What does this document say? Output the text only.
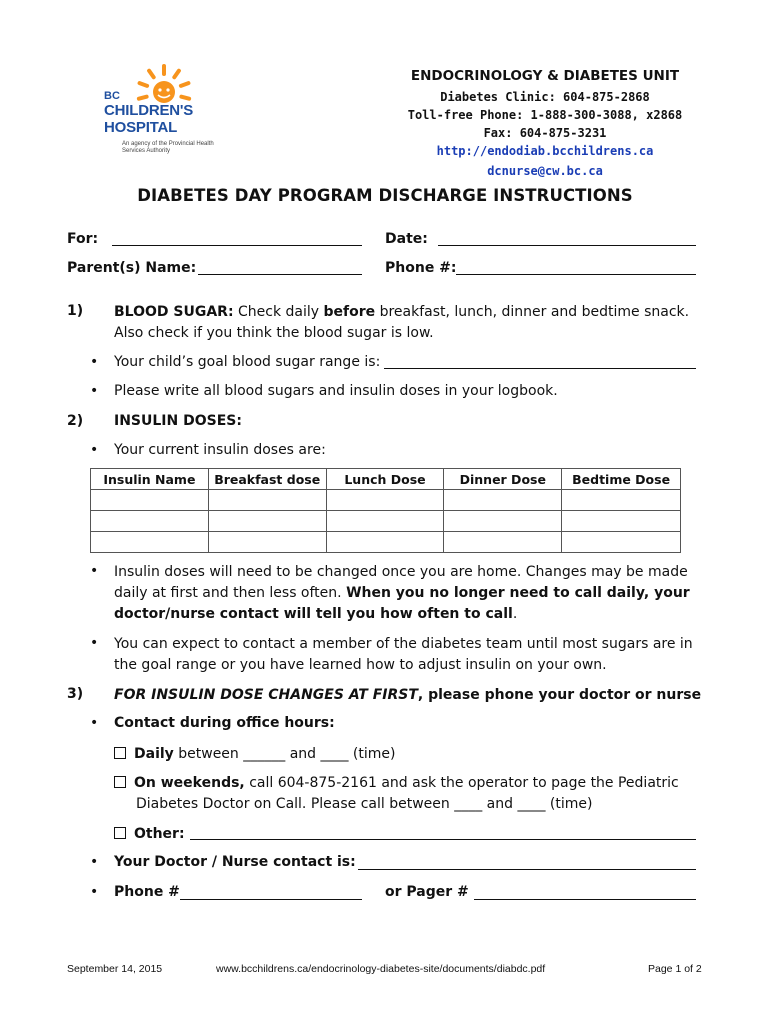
BC
CHILDREN'S
HOSPITAL
An agency of the Provincial Health Services Authority
ENDOCRINOLOGY & DIABETES UNIT
Diabetes Clinic: 604-875-2868
Toll-free Phone: 1-888-300-3088, x2868
Fax: 604-875-3231
http://endodiab.bcchildrens.ca
dcnurse@cw.bc.ca
DIABETES DAY PROGRAM DISCHARGE INSTRUCTIONS
For:	Date:
Parent(s) Name:	Phone #:
1) BLOOD SUGAR: Check daily before breakfast, lunch, dinner and bedtime snack.
Also check if you think the blood sugar is low.
• Your child’s goal blood sugar range is:
• Please write all blood sugars and insulin doses in your logbook.
2) INSULIN DOSES:
• Your current insulin doses are:
Insulin Name	Breakfast dose	Lunch Dose	Dinner Dose	Bedtime Dose

• Insulin doses will need to be changed once you are home. Changes may be made
daily at first and then less often. When you no longer need to call daily, your
doctor/nurse contact will tell you how often to call.
• You can expect to contact a member of the diabetes team until most sugars are in
the goal range or you have learned how to adjust insulin on your own.
3) FOR INSULIN DOSE CHANGES AT FIRST, please phone your doctor or nurse
• Contact during office hours:
Daily between ______ and ____ (time)
On weekends, call 604-875-2161 and ask the operator to page the Pediatric
Diabetes Doctor on Call. Please call between ____ and ____ (time)
Other:
• Your Doctor / Nurse contact is:
• Phone #	or Pager #
September 14, 2015	www.bcchildrens.ca/endocrinology-diabetes-site/documents/diabdc.pdf	Page 1 of 2
